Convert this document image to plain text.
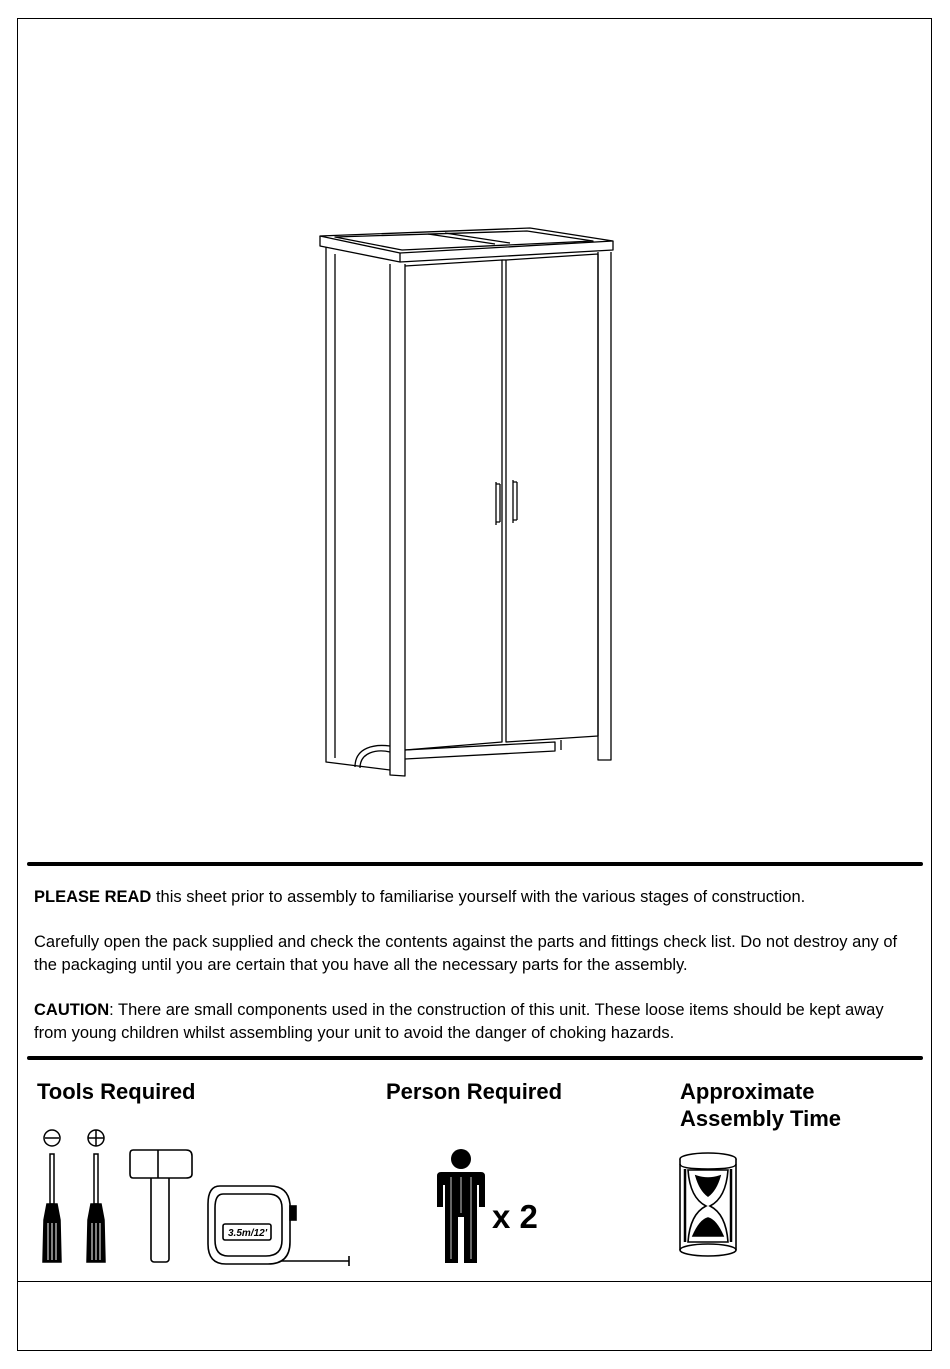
PLEASE READ this sheet prior to assembly to familiarise yourself with the various stages of construction.
Carefully open the pack supplied and check the contents against the parts and fittings check list. Do not destroy any of the packaging until you are certain that you have all the necessary parts for the assembly.
CAUTION: There are small components used in the construction of this unit. These loose items should be kept away from young children whilst assembling your unit to avoid the danger of choking hazards.
Tools Required	Person Required	Approximate Assembly Time
3.5m/12'	x 2
